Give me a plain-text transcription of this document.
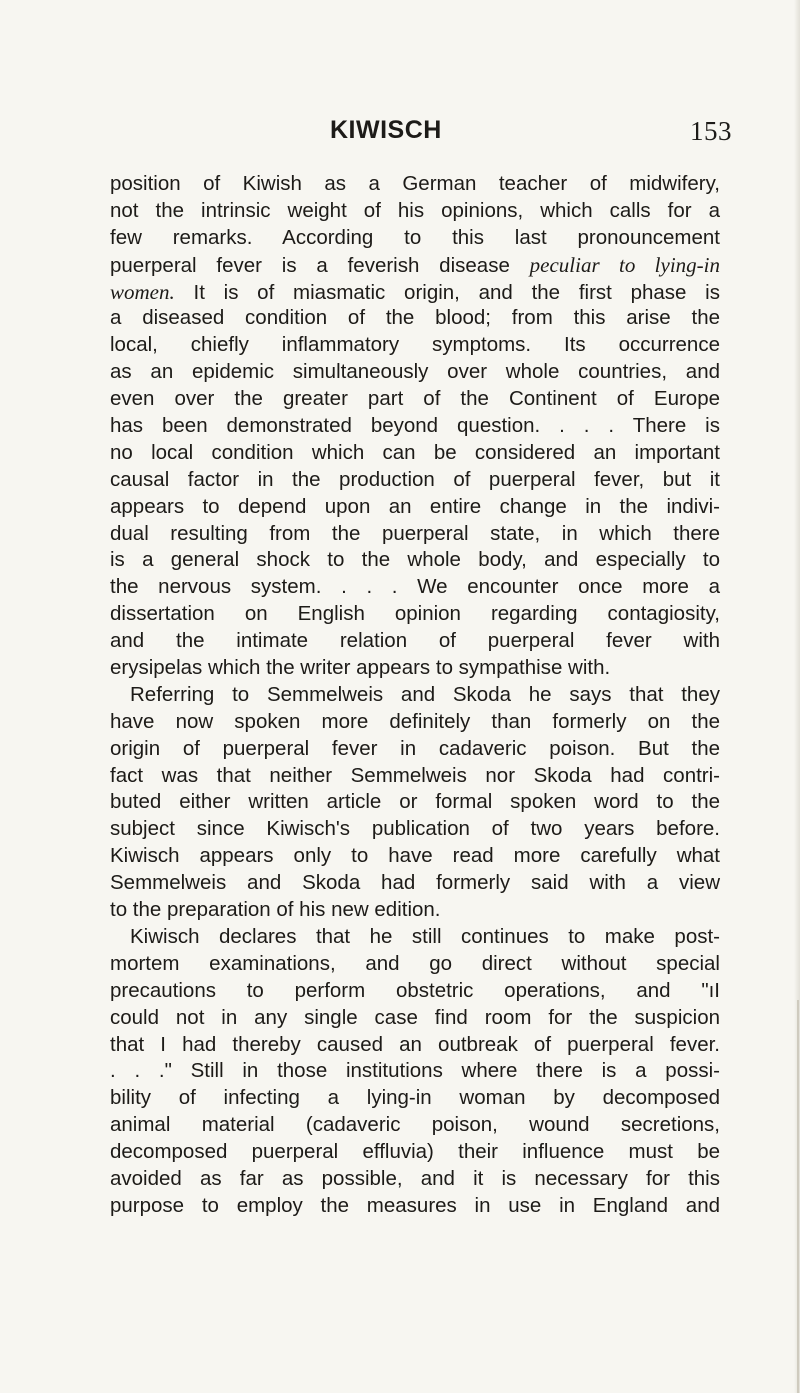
KIWISCH	153
position of Kiwish as a German teacher of midwifery,
not the intrinsic weight of his opinions, which calls for a
few remarks. According to this last pronouncement
puerperal fever is a feverish disease peculiar to lying-in
women. It is of miasmatic origin, and the first phase is
a diseased condition of the blood; from this arise the
local, chiefly inflammatory symptoms. Its occurrence
as an epidemic simultaneously over whole countries, and
even over the greater part of the Continent of Europe
has been demonstrated beyond question. . . . There is
no local condition which can be considered an important
causal factor in the production of puerperal fever, but it
appears to depend upon an entire change in the indivi-
dual resulting from the puerperal state, in which there
is a general shock to the whole body, and especially to
the nervous system. . . . We encounter once more a
dissertation on English opinion regarding contagiosity,
and the intimate relation of puerperal fever with
erysipelas which the writer appears to sympathise with.
Referring to Semmelweis and Skoda he says that they
have now spoken more definitely than formerly on the
origin of puerperal fever in cadaveric poison. But the
fact was that neither Semmelweis nor Skoda had contri-
buted either written article or formal spoken word to the
subject since Kiwisch's publication of two years before.
Kiwisch appears only to have read more carefully what
Semmelweis and Skoda had formerly said with a view
to the preparation of his new edition.
Kiwisch declares that he still continues to make post-
mortem examinations, and go direct without special
precautions to perform obstetric operations, and "ıI
could not in any single case find room for the suspicion
that I had thereby caused an outbreak of puerperal fever.
. . ." Still in those institutions where there is a possi-
bility of infecting a lying-in woman by decomposed
animal material (cadaveric poison, wound secretions,
decomposed puerperal effluvia) their influence must be
avoided as far as possible, and it is necessary for this
purpose to employ the measures in use in England and
